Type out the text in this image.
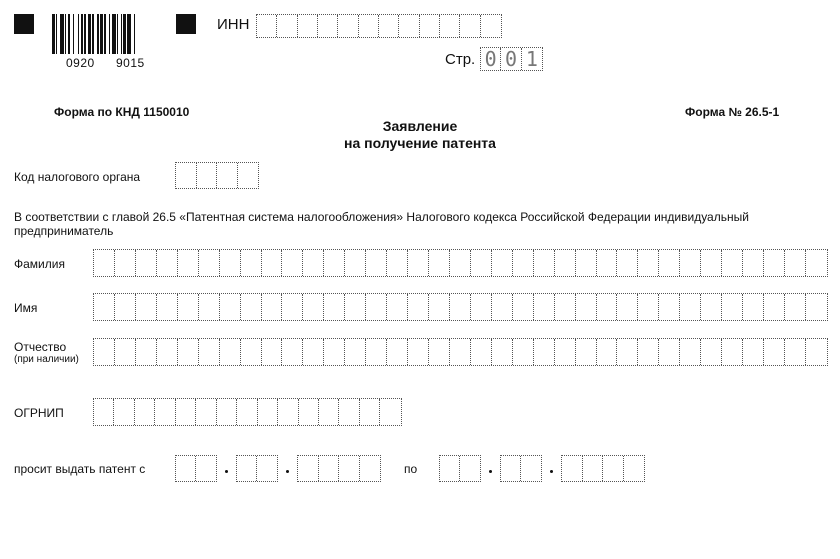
0920 9015
ИНН
Стр. 0 0 1
Форма по КНД 1150010	Форма № 26.5-1
Заявление
на получение патента
Код налогового органа
В соответствии с главой 26.5 «Патентная система налогообложения» Налогового кодекса Российской Федерации индивидуальный
предприниматель
Фамилия
Имя
Отчество
(при наличии)
ОГРНИП
просит выдать патент с	по
